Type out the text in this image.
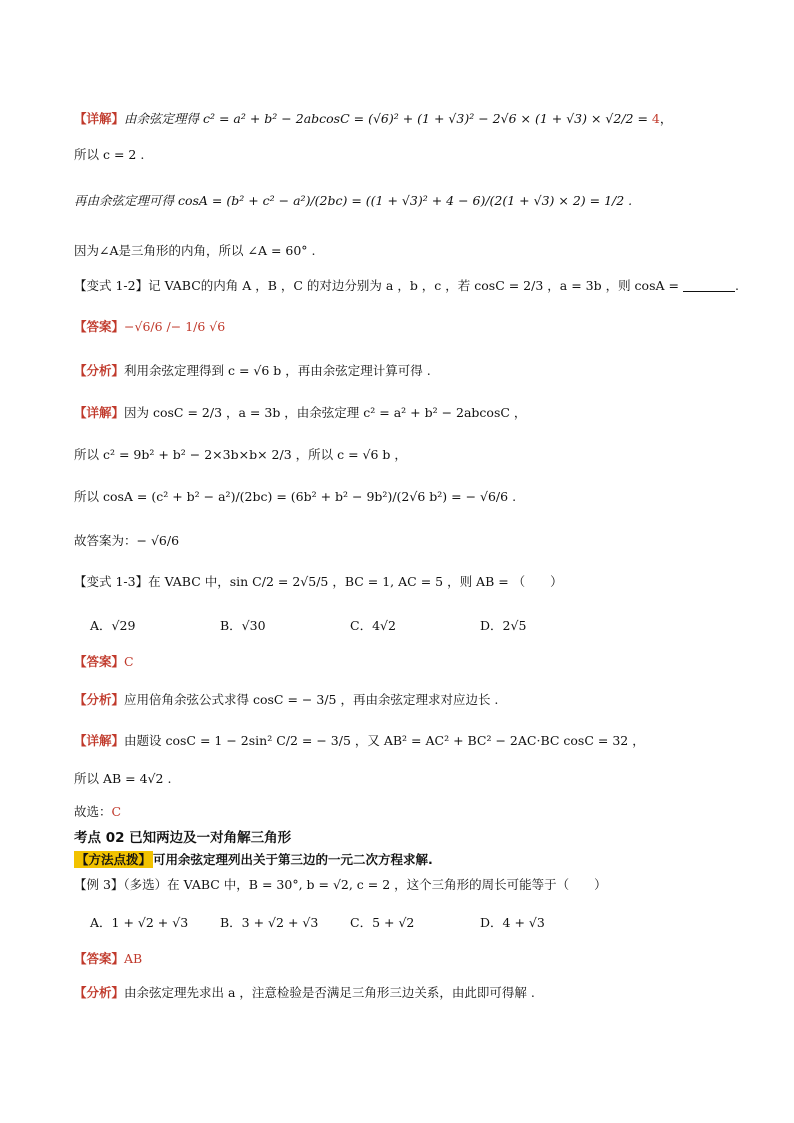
【详解】由余弦定理得 c² = a² + b² − 2abcosC = (√6)² + (1 + √3)² − 2√6 × (1 + √3) × √2/2 = 4，
所以 c = 2 .
再由余弦定理可得 cosA = (b² + c² − a²)/(2bc) = ((1 + √3)² + 4 − 6)/(2(1 + √3) × 2) = 1/2 .
因为∠A是三角形的内角，所以 ∠A = 60° .
【变式 1-2】记 VABC的内角 A ，B ，C 的对边分别为 a ，b ，c ，若 cosC = 2/3 ，a = 3b ，则 cosA =	.
【答案】−√6/6 /− 1/6 √6
【分析】利用余弦定理得到 c = √6 b ，再由余弦定理计算可得 .
【详解】因为 cosC = 2/3 ，a = 3b ，由余弦定理 c² = a² + b² − 2abcosC ，
所以 c² = 9b² + b² − 2×3b×b× 2/3 ，所以 c = √6 b ，
所以 cosA = (c² + b² − a²)/(2bc) = (6b² + b² − 9b²)/(2√6 b²) = − √6/6 .
故答案为：− √6/6
【变式 1-3】在 VABC 中，sin C/2 = 2√5/5 ，BC = 1, AC = 5 ，则 AB = （　　）
A．√29	B．√30	C．4√2	D．2√5
【答案】C
【分析】应用倍角余弦公式求得 cosC = − 3/5 ，再由余弦定理求对应边长 .
【详解】由题设 cosC = 1 − 2sin² C/2 = − 3/5 ，又 AB² = AC² + BC² − 2AC·BC cosC = 32 ，
所以 AB = 4√2 .
故选：C
考点 02 已知两边及一对角解三角形
【方法点拨】 可用余弦定理列出关于第三边的一元二次方程求解.
【例 3】（多选）在 VABC 中，B = 30°, b = √2, c = 2 ，这个三角形的周长可能等于（　　）
A．1 + √2 + √3	B．3 + √2 + √3	C．5 + √2	D．4 + √3
【答案】AB
【分析】由余弦定理先求出 a ，注意检验是否满足三角形三边关系，由此即可得解 .
